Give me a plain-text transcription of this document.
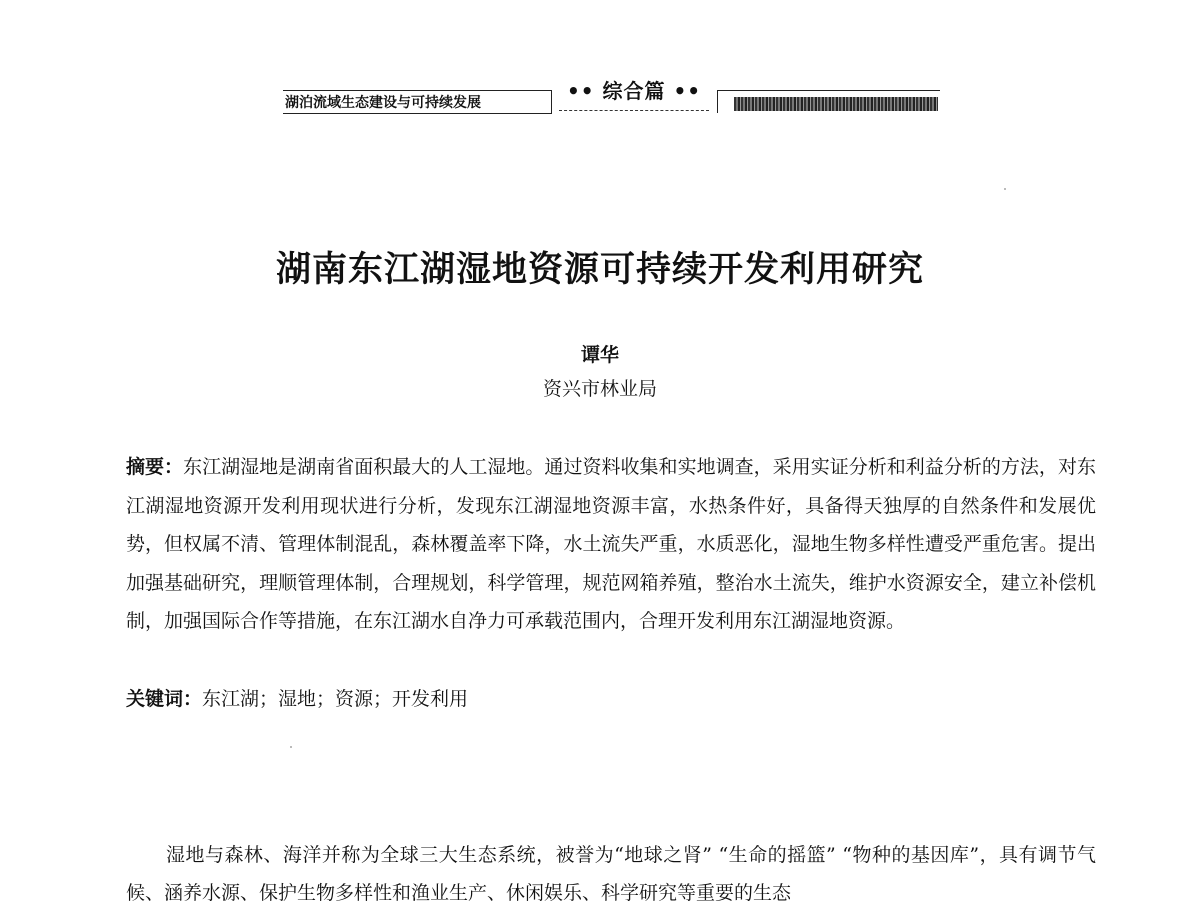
湖泊流域生态建设与可持续发展	•• 综合篇 ••
湖南东江湖湿地资源可持续开发利用研究
谭华
资兴市林业局

摘要：东江湖湿地是湖南省面积最大的人工湿地。通过资料收集和实地调查，采用实证分析和利益分析的方法，对东江湖湿地资源开发利用现状进行分析，发现东江湖湿地资源丰富，水热条件好，具备得天独厚的自然条件和发展优势，但权属不清、管理体制混乱，森林覆盖率下降，水土流失严重，水质恶化，湿地生物多样性遭受严重危害。提出加强基础研究，理顺管理体制，合理规划，科学管理，规范网箱养殖，整治水土流失，维护水资源安全，建立补偿机制，加强国际合作等措施，在东江湖水自净力可承载范围内，合理开发利用东江湖湿地资源。

关键词：东江湖；湿地；资源；开发利用

湿地与森林、海洋并称为全球三大生态系统，被誉为“地球之肾” “生命的摇篮” “物种的基因库”，具有调节气候、涵养水源、保护生物多样性和渔业生产、休闲娱乐、科学研究等重要的生态
